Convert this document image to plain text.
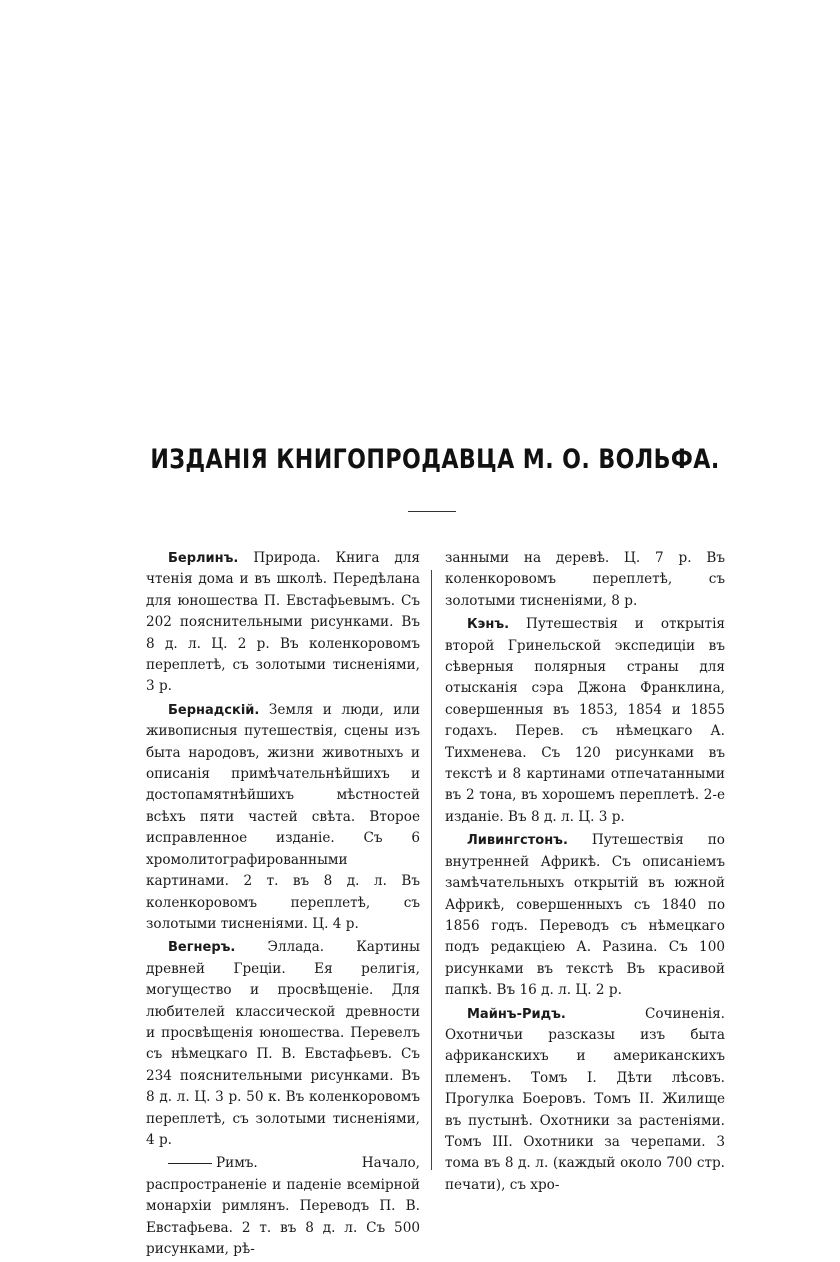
ИЗДАНІЯ КНИГОПРОДАВЦА М. О. ВОЛЬФА.

Берлинъ. Природа. Книга для чтенія дома и въ школѣ. Передѣлана для юношества П. Евстафьевымъ. Съ 202 пояснительными рисунками. Въ 8 д. л. Ц. 2 р. Въ коленкоровомъ переплетѣ, съ золотыми тисненіями, 3 р.

Бернадскій. Земля и люди, или живописныя путешествія, сцены изъ быта народовъ, жизни животныхъ и описанія примѣчательнѣйшихъ и достопамятнѣйшихъ мѣстностей всѣхъ пяти частей свѣта. Второе исправленное изданіе. Съ 6 хромолитографированными картинами. 2 т. въ 8 д. л. Въ коленкоровомъ переплетѣ, съ золотыми тисненіями. Ц. 4 р.

Вегнеръ. Эллада. Картины древней Греціи. Ея религія, могущество и просвѣщеніе. Для любителей классической древности и просвѣщенія юношества. Перевелъ съ нѣмецкаго П. В. Евстафьевъ. Съ 234 пояснительными рисунками. Въ 8 д. л. Ц. 3 р. 50 к. Въ коленкоровомъ переплетѣ, съ золотыми тисненіями, 4 р.

Римъ. Начало, распространеніе и паденіе всемірной монархіи римлянъ. Переводъ П. В. Евстафьева. 2 т. въ 8 д. л. Съ 500 рисунками, рѣ-

занными на деревѣ. Ц. 7 р. Въ коленкоровомъ переплетѣ, съ золотыми тисненіями, 8 р.

Кэнъ. Путешествія и открытія второй Гринельской экспедиціи въ сѣверныя полярныя страны для отысканія сэра Джона Франклина, совершенныя въ 1853, 1854 и 1855 годахъ. Перев. съ нѣмецкаго А. Тихменева. Съ 120 рисунками въ текстѣ и 8 картинами отпечатанными въ 2 тона, въ хорошемъ переплетѣ. 2-е изданіе. Въ 8 д. л. Ц. 3 р.

Ливингстонъ. Путешествія по внутренней Африкѣ. Съ описаніемъ замѣчательныхъ открытій въ южной Африкѣ, совершенныхъ съ 1840 по 1856 годъ. Переводъ съ нѣмецкаго подъ редакціею А. Разина. Съ 100 рисунками въ текстѣ Въ красивой папкѣ. Въ 16 д. л. Ц. 2 р.

Майнъ-Ридъ.	Сочиненія. Охотничьи разсказы изъ быта африканскихъ и американскихъ племенъ. Томъ I. Дѣти лѣсовъ. Прогулка Боеровъ. Томъ II. Жилище въ пустынѣ. Охотники за растеніями. Томъ III. Охотники за черепами. 3 тома въ 8 д. л. (каждый около 700 стр. печати), съ хро-
